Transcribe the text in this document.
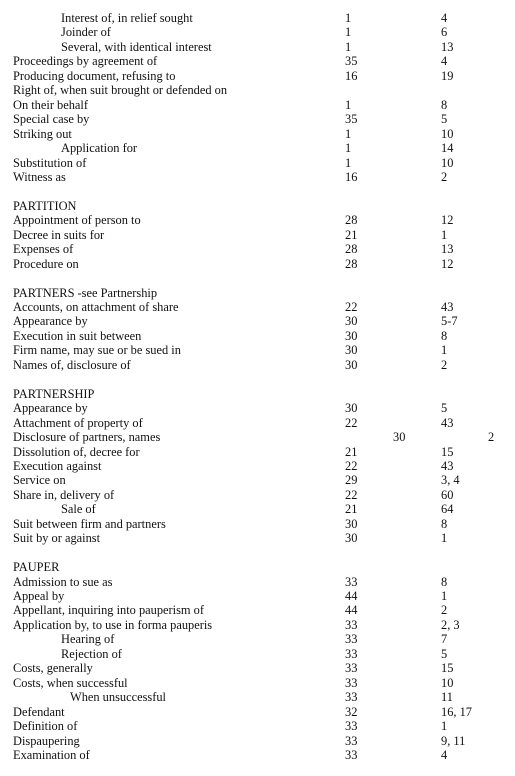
Interest of, in relief sought	1	4
Joinder of	1	6
Several, with identical interest	1	13
Proceedings by agreement of	35	4
Producing document, refusing to	16	19
Right of, when suit brought or defended on
On their behalf	1	8
Special case by	35	5
Striking out	1	10
Application for	1	14
Substitution of	1	10
Witness as	16	2
PARTITION
Appointment of person to	28	12
Decree in suits for	21	1
Expenses of	28	13
Procedure on	28	12
PARTNERS -see Partnership
Accounts, on attachment of share	22	43
Appearance by	30	5-7
Execution in suit between	30	8
Firm name, may sue or be sued in	30	1
Names of, disclosure of	30	2
PARTNERSHIP
Appearance by	30	5
Attachment of property of	22	43
Disclosure of partners, names	30	2
Dissolution of, decree for	21	15
Execution against	22	43
Service on	29	3, 4
Share in, delivery of	22	60
Sale of	21	64
Suit between firm and partners	30	8
Suit by or against	30	1
PAUPER
Admission to sue as	33	8
Appeal by	44	1
Appellant, inquiring into pauperism of	44	2
Application by, to use in forma pauperis	33	2, 3
Hearing of	33	7
Rejection of	33	5
Costs, generally	33	15
Costs, when successful	33	10
When unsuccessful	33	11
Defendant	32	16, 17
Definition of	33	1
Dispaupering	33	9, 11
Examination of	33	4
